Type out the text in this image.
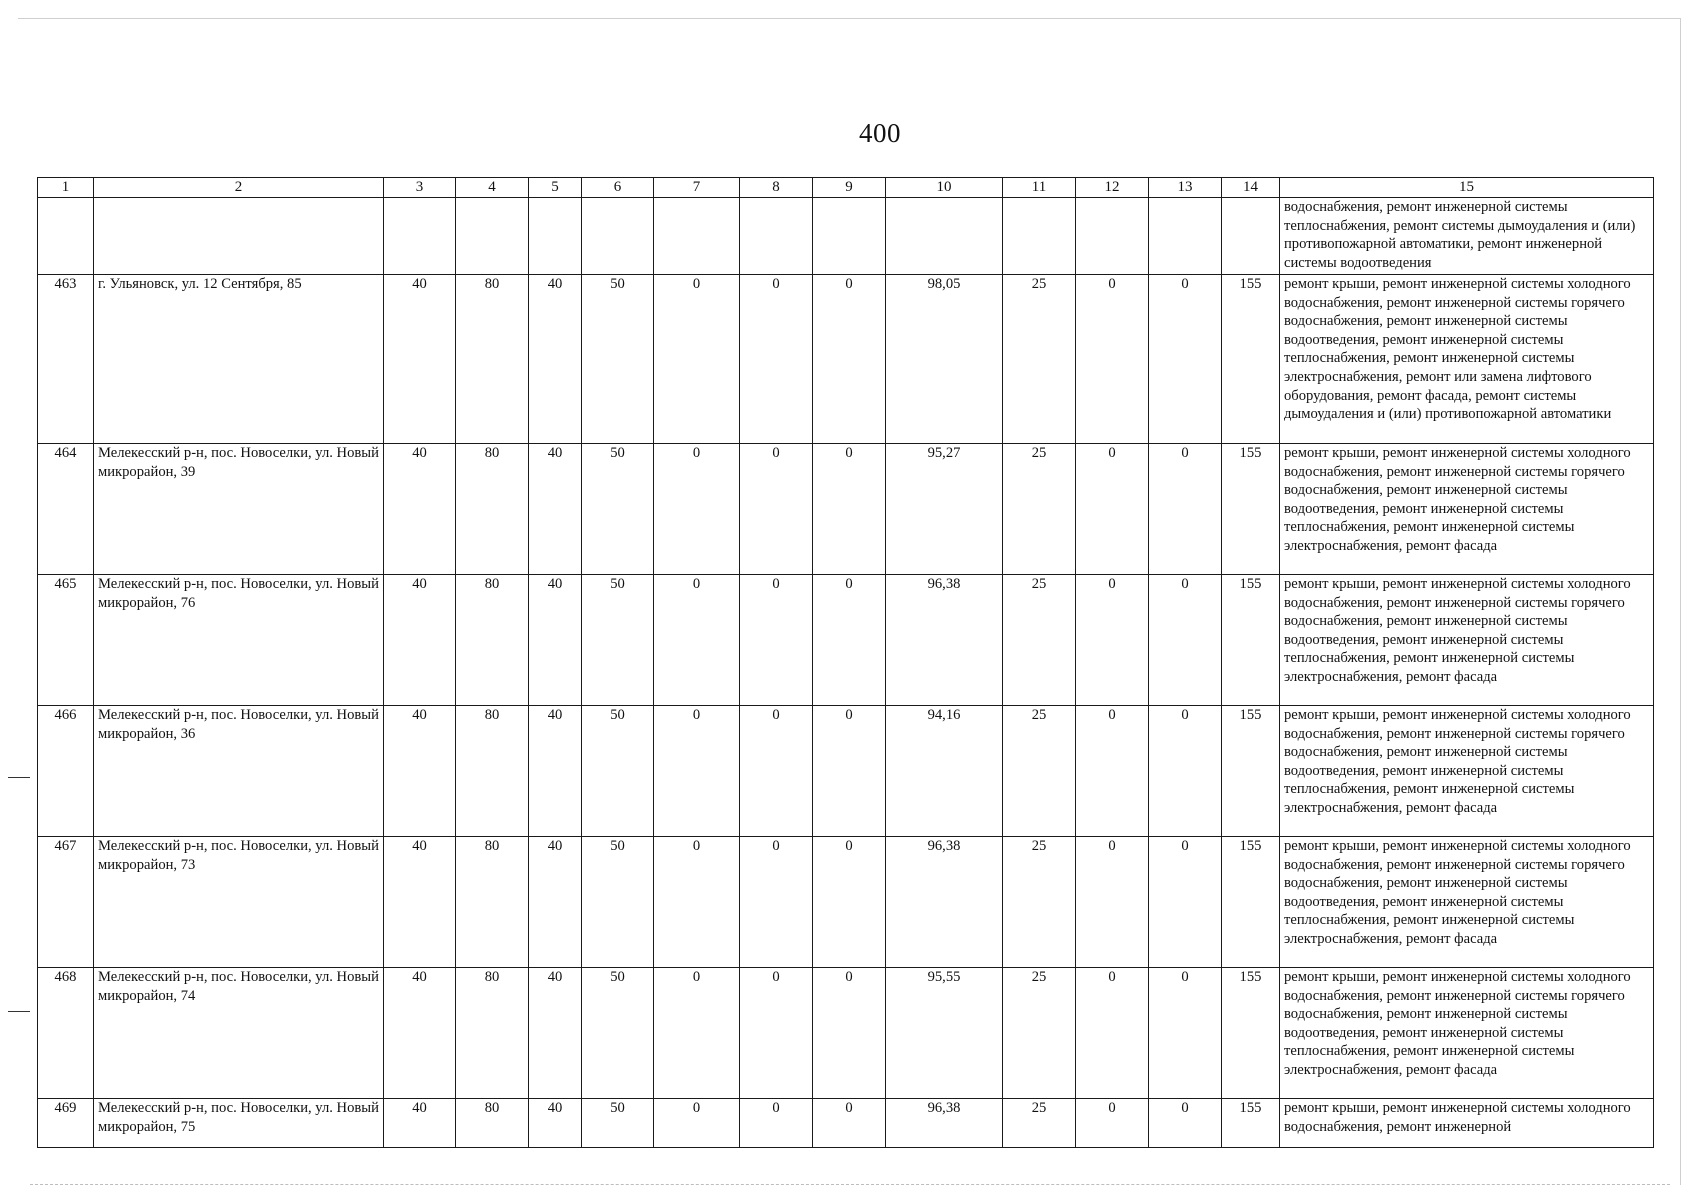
400
1	2	3	4	5	6	7	8	9	10	11	12	13	14	15
														водоснабжения, ремонт инженерной системы теплоснабжения, ремонт системы дымоудаления и (или) противопожарной автоматики, ремонт инженерной системы водоотведения
463	г. Ульяновск, ул. 12 Сентября, 85	40	80	40	50	0	0	0	98,05	25	0	0	155	ремонт крыши, ремонт инженерной системы холодного водоснабжения, ремонт инженерной системы горячего водоснабжения, ремонт инженерной системы водоотведения, ремонт инженерной системы теплоснабжения, ремонт инженерной системы электроснабжения, ремонт или замена лифтового оборудования, ремонт фасада, ремонт системы дымоудаления и (или) противопожарной автоматики
464	Мелекесский р-н, пос. Новоселки, ул. Новый микрорайон, 39	40	80	40	50	0	0	0	95,27	25	0	0	155	ремонт крыши, ремонт инженерной системы холодного водоснабжения, ремонт инженерной системы горячего водоснабжения, ремонт инженерной системы водоотведения, ремонт инженерной системы теплоснабжения, ремонт инженерной системы электроснабжения, ремонт фасада
465	Мелекесский р-н, пос. Новоселки, ул. Новый микрорайон, 76	40	80	40	50	0	0	0	96,38	25	0	0	155	ремонт крыши, ремонт инженерной системы холодного водоснабжения, ремонт инженерной системы горячего водоснабжения, ремонт инженерной системы водоотведения, ремонт инженерной системы теплоснабжения, ремонт инженерной системы электроснабжения, ремонт фасада
466	Мелекесский р-н, пос. Новоселки, ул. Новый микрорайон, 36	40	80	40	50	0	0	0	94,16	25	0	0	155	ремонт крыши, ремонт инженерной системы холодного водоснабжения, ремонт инженерной системы горячего водоснабжения, ремонт инженерной системы водоотведения, ремонт инженерной системы теплоснабжения, ремонт инженерной системы электроснабжения, ремонт фасада
467	Мелекесский р-н, пос. Новоселки, ул. Новый микрорайон, 73	40	80	40	50	0	0	0	96,38	25	0	0	155	ремонт крыши, ремонт инженерной системы холодного водоснабжения, ремонт инженерной системы горячего водоснабжения, ремонт инженерной системы водоотведения, ремонт инженерной системы теплоснабжения, ремонт инженерной системы электроснабжения, ремонт фасада
468	Мелекесский р-н, пос. Новоселки, ул. Новый микрорайон, 74	40	80	40	50	0	0	0	95,55	25	0	0	155	ремонт крыши, ремонт инженерной системы холодного водоснабжения, ремонт инженерной системы горячего водоснабжения, ремонт инженерной системы водоотведения, ремонт инженерной системы теплоснабжения, ремонт инженерной системы электроснабжения, ремонт фасада
469	Мелекесский р-н, пос. Новоселки, ул. Новый микрорайон, 75	40	80	40	50	0	0	0	96,38	25	0	0	155	ремонт крыши, ремонт инженерной системы холодного водоснабжения, ремонт инженерной
